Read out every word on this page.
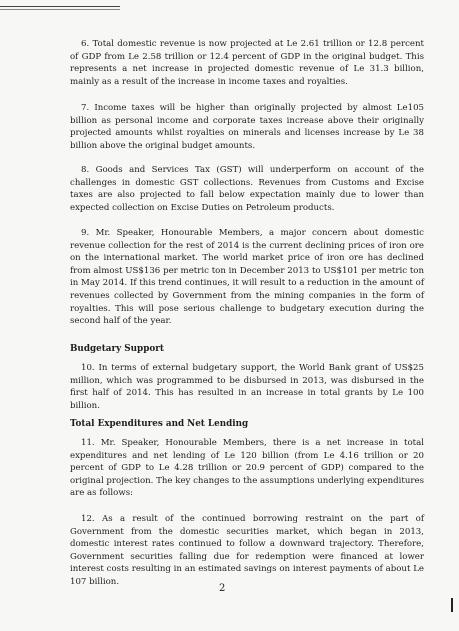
6. Total domestic revenue is now projected at Le 2.61 trillion or 12.8 percent of GDP from Le 2.58 trillion or 12.4 percent of GDP in the original budget. This represents a net increase in projected domestic revenue of Le 31.3 billion, mainly as a result of the increase in income taxes and royalties.

7. Income taxes will be higher than originally projected by almost Le105 billion as personal income and corporate taxes increase above their originally projected amounts whilst royalties on minerals and licenses increase by Le 38 billion above the original budget amounts.

8. Goods and Services Tax (GST) will underperform on account of the challenges in domestic GST collections. Revenues from Customs and Excise taxes are also projected to fall below expectation mainly due to lower than expected collection on Excise Duties on Petroleum products.

9. Mr. Speaker, Honourable Members, a major concern about domestic revenue collection for the rest of 2014 is the current declining prices of iron ore on the international market. The world market price of iron ore has declined from almost US$136 per metric ton in December 2013 to US$101 per metric ton in May 2014. If this trend continues, it will result to a reduction in the amount of revenues collected by Government from the mining companies in the form of royalties. This will pose serious challenge to budgetary execution during the second half of the year.

Budgetary Support

10. In terms of external budgetary support, the World Bank grant of US$25 million, which was programmed to be disbursed in 2013, was disbursed in the first half of 2014. This has resulted in an increase in total grants by Le 100 billion.

Total Expenditures and Net Lending

11. Mr. Speaker, Honourable Members, there is a net increase in total expenditures and net lending of Le 120 billion (from Le 4.16 trillion or 20 percent of GDP to Le 4.28 trillion or 20.9 percent of GDP) compared to the original projection. The key changes to the assumptions underlying expenditures are as follows:

12. As a result of the continued borrowing restraint on the part of Government from the domestic securities market, which began in 2013, domestic interest rates continued to follow a downward trajectory. Therefore, Government securities falling due for redemption were financed at lower interest costs resulting in an estimated savings on interest payments of about Le 107 billion.

2
